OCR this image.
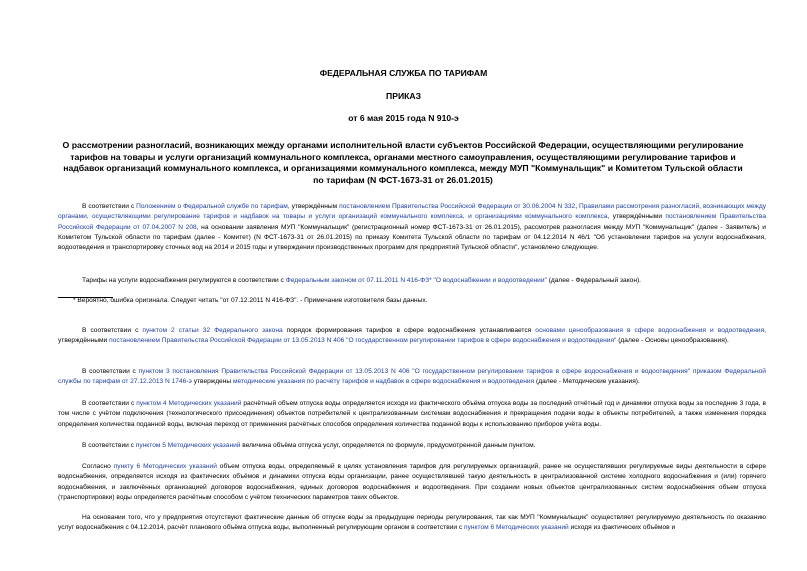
ФЕДЕРАЛЬНАЯ СЛУЖБА ПО ТАРИФАМ
ПРИКАЗ
от 6 мая 2015 года N 910-э
О рассмотрении разногласий, возникающих между органами исполнительной власти субъектов Российской Федерации, осуществляющими регулирование тарифов на товары и услуги организаций коммунального комплекса, органами местного самоуправления, осуществляющими регулирование тарифов и надбавок организаций коммунального комплекса, и организациями коммунального комплекса, между МУП "Коммунальщик" и Комитетом Тульской области по тарифам (N ФСТ-1673-31 от 26.01.2015)

В соответствии с Положением о Федеральной службе по тарифам, утверждённым постановлением Правительства Российской Федерации от 30.06.2004 N 332, Правилами рассмотрения разногласий, возникающих между органами, осуществляющими регулирование тарифов и надбавок на товары и услуги организаций коммунального комплекса, и организациями коммунального комплекса, утверждёнными постановлением Правительства Российской Федерации от 07.04.2007 N 208, на основании заявления МУП "Коммунальщик" (регистрационный номер ФСТ-1673-31 от 26.01.2015), рассмотрев разногласия между МУП "Коммунальщик" (далее - Заявитель) и Комитетом Тульской области по тарифам (далее - Комитет) (N ФСТ-1673-31 от 26.01.2015) по приказу Комитета Тульской области по тарифам от 04.12.2014 N 46/1 "Об установлении тарифов на услуги водоснабжения, водоотведения и транспортировку сточных вод на 2014 и 2015 годы и утверждении производственных программ для предприятий Тульской области", установлено следующее.

Тарифы на услуги водоснабжения регулируются в соответствии с Федеральным законом от 07.11.2011 N 416-ФЗ* "О водоснабжении и водоотведении" (далее - Федеральный закон).

* Вероятно, ошибка оригинала. Следует читать "от 07.12.2011 N 416-ФЗ". - Примечание изготовителя базы данных.

В соответствии с пунктом 2 статьи 32 Федерального закона порядок формирования тарифов в сфере водоснабжения устанавливается основами ценообразования в сфере водоснабжения и водоотведения, утверждёнными постановлением Правительства Российской Федерации от 13.05.2013 N 406 "О государственном регулировании тарифов в сфере водоснабжения и водоотведения" (далее - Основы ценообразования).

В соответствии с пунктом 3 постановления Правительства Российской Федерации от 13.05.2013 N 406 "О государственном регулировании тарифов в сфере водоснабжения и водоотведения" приказом Федеральной службы по тарифам от 27.12.2013 N 1746-э утверждены методические указания по расчёту тарифов и надбавок в сфере водоснабжения и водоотведения (далее - Методические указания).

В соответствии с пунктом 4 Методических указаний расчётный объем отпуска воды определяется исходя из фактического объёма отпуска воды за последний отчётный год и динамики отпуска воды за последние 3 года, в том числе с учётом подключения (технологического присоединения) объектов потребителей к централизованным системам водоснабжения и прекращения подачи воды в объекты потребителей, а также изменения порядка определения количества поданной воды, включая переход от применения расчётных способов определения количества поданной воды к использованию приборов учёта воды.

В соответствии с пунктом 5 Методических указаний величина объёма отпуска услуг, определяется по формуле, предусмотренной данным пунктом.

Согласно пункту 6 Методических указаний объем отпуска воды, определяемый в целях установления тарифов для регулируемых организаций, ранее не осуществлявших регулируемые виды деятельности в сфере водоснабжения, определяется исходя из фактических объёмов и динамики отпуска воды организации, ранее осуществлявшей такую деятельность в централизованной системе холодного водоснабжения и (или) горячего водоснабжения, и заключённых организацией договоров водоснабжения, единых договоров водоснабжения и водоотведения. При создании новых объектов централизованных систем водоснабжения объем отпуска (транспортировки) воды определяется расчётным способом с учётом технических параметров таких объектов.

На основании того, что у предприятия отсутствуют фактические данные об отпуске воды за предыдущие периоды регулирования, так как МУП "Коммунальщик" осуществляет регулируемую деятельность по оказанию услуг водоснабжения с 04.12.2014, расчёт планового объёма отпуска воды, выполненный регулирующим органом в соответствии с пунктом 6 Методических указаний исходя из фактических объёмов и
